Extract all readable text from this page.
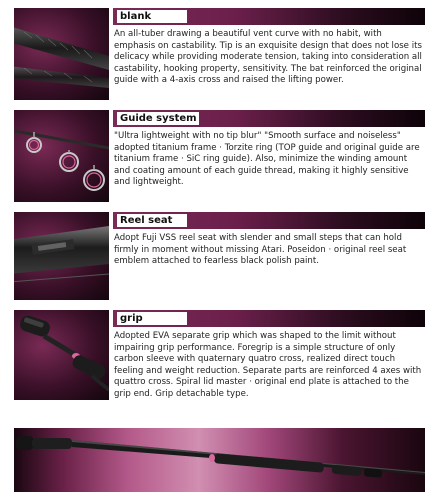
blank

An all-tuber drawing a beautiful vent curve with no habit, with emphasis on castability. Tip is an exquisite design that does not lose its delicacy while providing moderate tension, taking into consideration all castability, hooking property, sensitivity. The bat reinforced the original guide with a 4-axis cross and raised the lifting power.

Guide system

"Ultra lightweight with no tip blur" "Smooth surface and noiseless" adopted titanium frame · Torzite ring (TOP guide and original guide are titanium frame · SiC ring guide). Also, minimize the winding amount and coating amount of each guide thread, making it highly sensitive and lightweight.

Reel seat

Adopt Fuji VSS reel seat with slender and small steps that can hold firmly in moment without missing Atari. Poseidon · original reel seat emblem attached to fearless black polish paint.

grip

Adopted EVA separate grip which was shaped to the limit without impairing grip performance. Foregrip is a simple structure of only carbon sleeve with quaternary quatro cross, realized direct touch feeling and weight reduction. Separate parts are reinforced 4 axes with quattro cross. Spiral lid master · original end plate is attached to the grip end. Grip detachable type.
